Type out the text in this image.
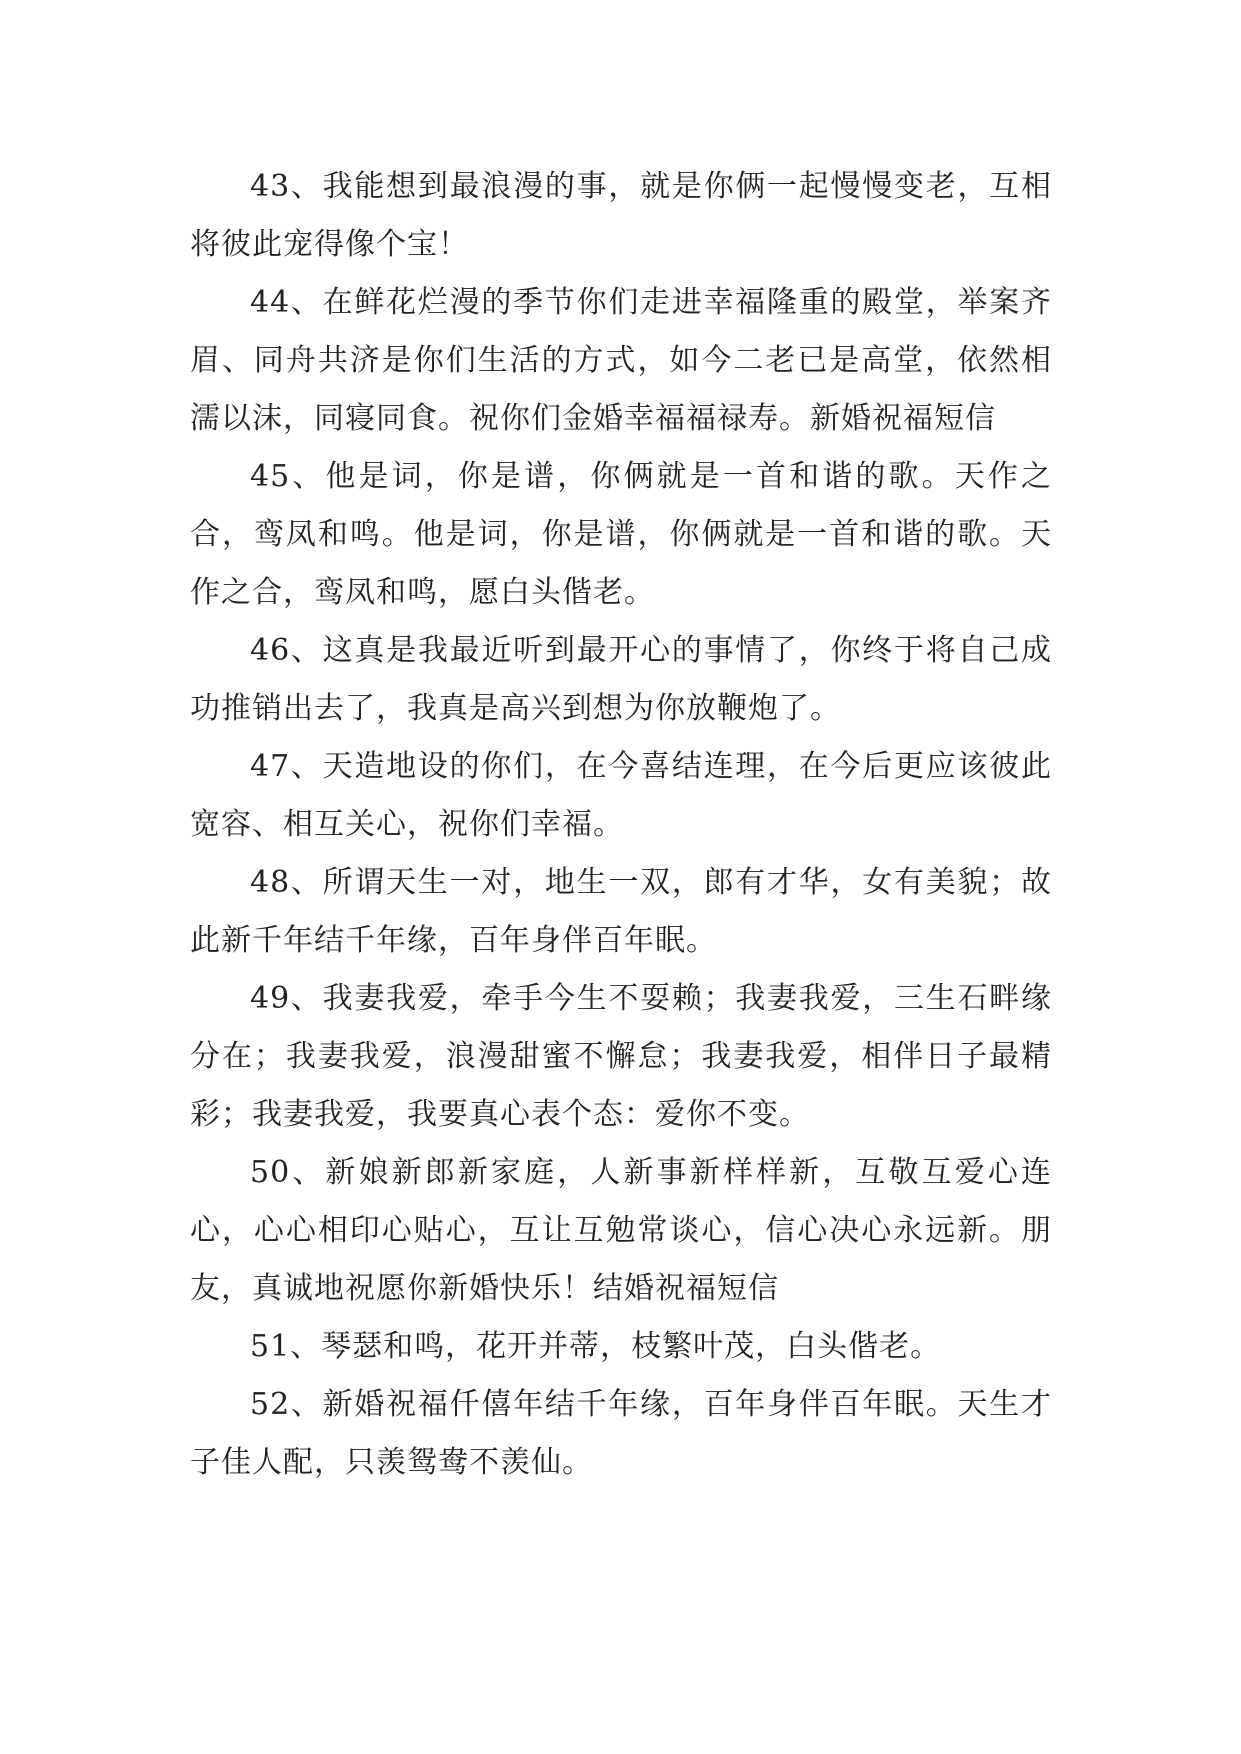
43、我能想到最浪漫的事，就是你俩一起慢慢变老，互相将彼此宠得像个宝！

44、在鲜花烂漫的季节你们走进幸福隆重的殿堂，举案齐眉、同舟共济是你们生活的方式，如今二老已是高堂，依然相濡以沫，同寝同食。祝你们金婚幸福福禄寿。新婚祝福短信

45、他是词，你是谱，你俩就是一首和谐的歌。天作之合，鸾凤和鸣。他是词，你是谱，你俩就是一首和谐的歌。天作之合，鸾凤和鸣，愿白头偕老。

46、这真是我最近听到最开心的事情了，你终于将自己成功推销出去了，我真是高兴到想为你放鞭炮了。

47、天造地设的你们，在今喜结连理，在今后更应该彼此宽容、相互关心，祝你们幸福。

48、所谓天生一对，地生一双，郎有才华，女有美貌；故此新千年结千年缘，百年身伴百年眠。

49、我妻我爱，牵手今生不耍赖；我妻我爱，三生石畔缘分在；我妻我爱，浪漫甜蜜不懈怠；我妻我爱，相伴日子最精彩；我妻我爱，我要真心表个态：爱你不变。

50、新娘新郎新家庭，人新事新样样新，互敬互爱心连心，心心相印心贴心，互让互勉常谈心，信心决心永远新。朋友，真诚地祝愿你新婚快乐！结婚祝福短信

51、琴瑟和鸣，花开并蒂，枝繁叶茂，白头偕老。

52、新婚祝福仟僖年结千年缘，百年身伴百年眠。天生才子佳人配，只羡鸳鸯不羡仙。
